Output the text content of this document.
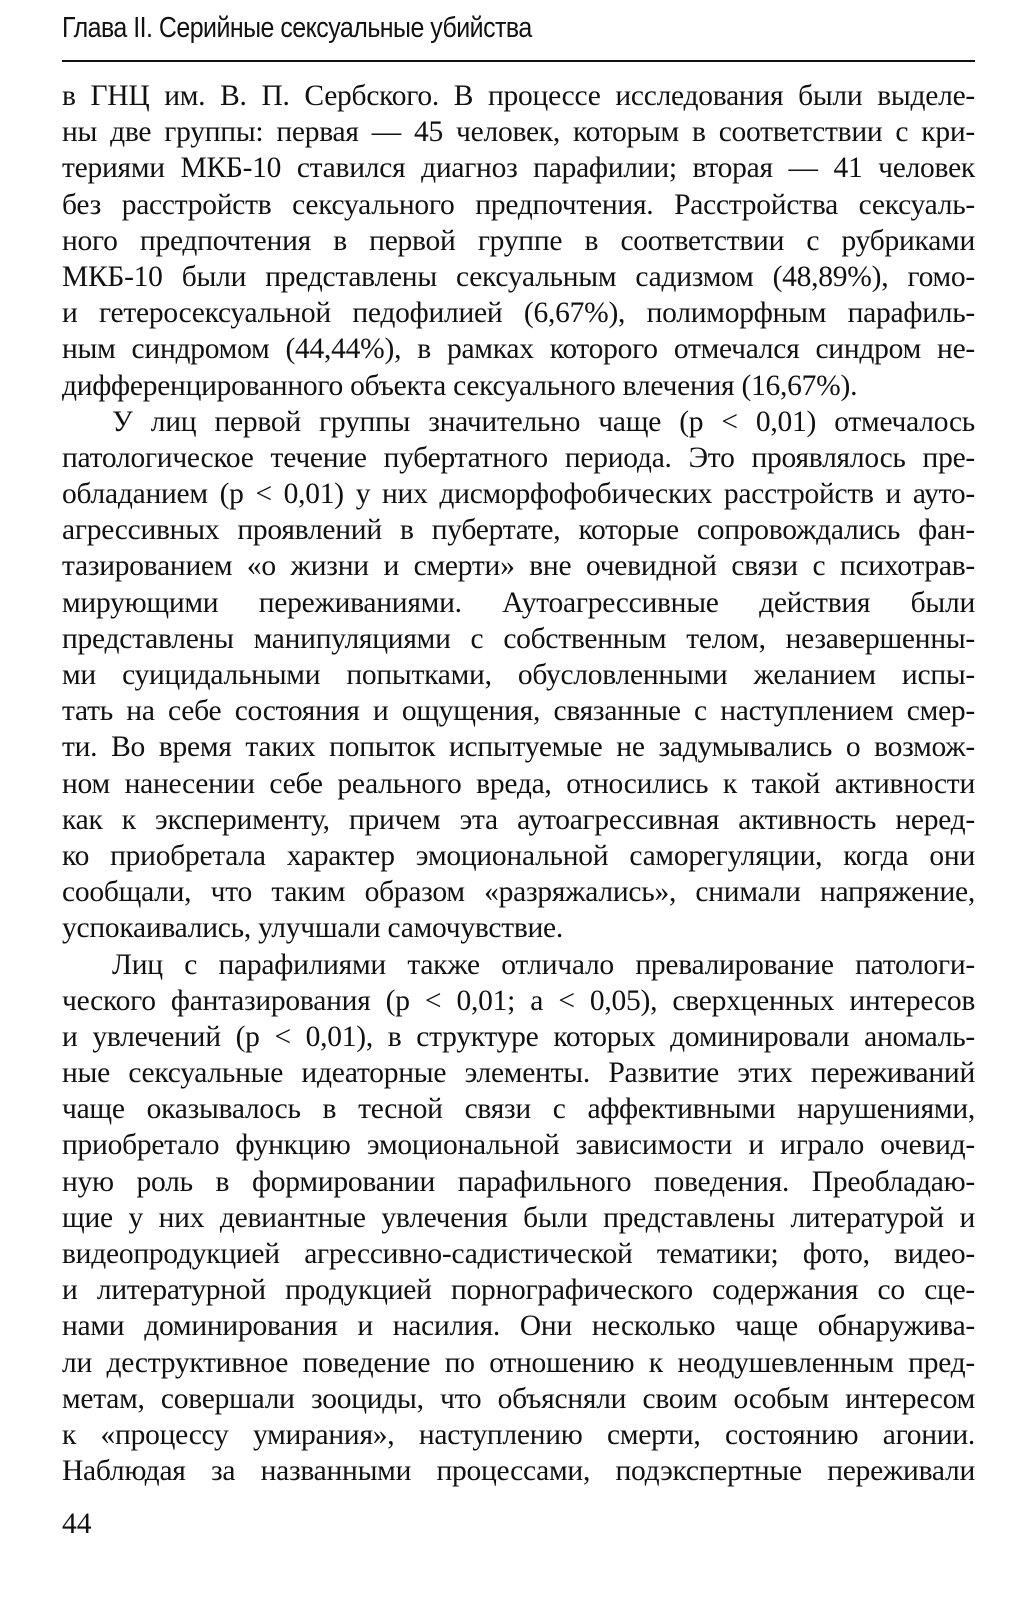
Глава II. Серийные сексуальные убийства
в ГНЦ им. В. П. Сербского. В процессе исследования были выделе-
ны две группы: первая — 45 человек, которым в соответствии с кри-
териями МКБ-10 ставился диагноз парафилии; вторая — 41 человек
без расстройств сексуального предпочтения. Расстройства сексуаль-
ного предпочтения в первой группе в соответствии с рубриками
МКБ-10 были представлены сексуальным садизмом (48,89%), гомо-
и гетеросексуальной педофилией (6,67%), полиморфным парафиль-
ным синдромом (44,44%), в рамках которого отмечался синдром не-
дифференцированного объекта сексуального влечения (16,67%).
У лиц первой группы значительно чаще (p < 0,01) отмечалось
патологическое течение пубертатного периода. Это проявлялось пре-
обладанием (p < 0,01) у них дисморфофобических расстройств и ауто-
агрессивных проявлений в пубертате, которые сопровождались фан-
тазированием «о жизни и смерти» вне очевидной связи с психотрав-
мирующими переживаниями. Аутоагрессивные действия были
представлены манипуляциями с собственным телом, незавершенны-
ми суицидальными попытками, обусловленными желанием испы-
тать на себе состояния и ощущения, связанные с наступлением смер-
ти. Во время таких попыток испытуемые не задумывались о возмож-
ном нанесении себе реального вреда, относились к такой активности
как к эксперименту, причем эта аутоагрессивная активность неред-
ко приобретала характер эмоциональной саморегуляции, когда они
сообщали, что таким образом «разряжались», снимали напряжение,
успокаивались, улучшали самочувствие.
Лиц с парафилиями также отличало превалирование патологи-
ческого фантазирования (p < 0,01; a < 0,05), сверхценных интересов
и увлечений (p < 0,01), в структуре которых доминировали аномаль-
ные сексуальные идеаторные элементы. Развитие этих переживаний
чаще оказывалось в тесной связи с аффективными нарушениями,
приобретало функцию эмоциональной зависимости и играло очевид-
ную роль в формировании парафильного поведения. Преобладаю-
щие у них девиантные увлечения были представлены литературой и
видеопродукцией агрессивно-садистической тематики; фото, видео-
и литературной продукцией порнографического содержания со сце-
нами доминирования и насилия. Они несколько чаще обнаружива-
ли деструктивное поведение по отношению к неодушевленным пред-
метам, совершали зооциды, что объясняли своим особым интересом
к «процессу умирания», наступлению смерти, состоянию агонии.
Наблюдая за названными процессами, подэкспертные переживали
44
